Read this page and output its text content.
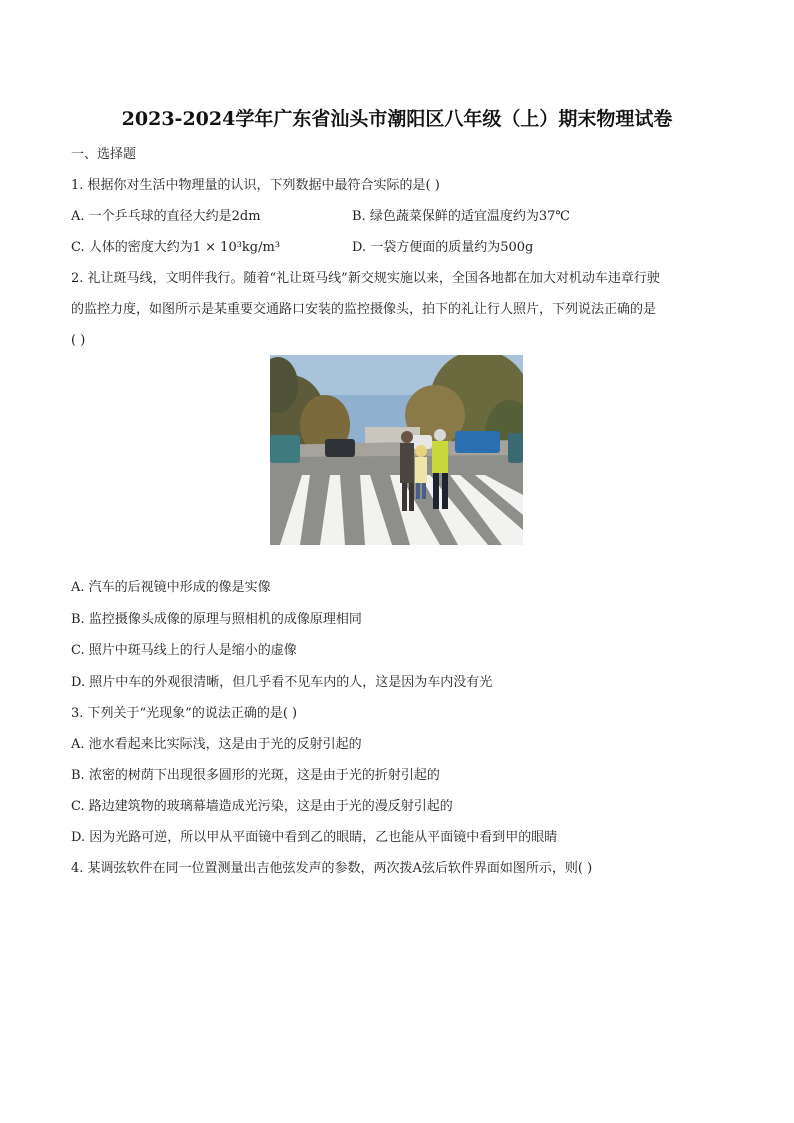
2023-2024学年广东省汕头市潮阳区八年级（上）期末物理试卷
一、选择题
1. 根据你对生活中物理量的认识，下列数据中最符合实际的是( )
A. 一个乒乓球的直径大约是2dm	B. 绿色蔬菜保鲜的适宜温度约为37℃
C. 人体的密度大约为1 × 10³kg/m³	D. 一袋方便面的质量约为500g
2. 礼让斑马线，文明伴我行。随着“礼让斑马线”新交规实施以来，全国各地都在加大对机动车违章行驶
的监控力度，如图所示是某重要交通路口安装的监控摄像头，拍下的礼让行人照片，下列说法正确的是
( )
A. 汽车的后视镜中形成的像是实像
B. 监控摄像头成像的原理与照相机的成像原理相同
C. 照片中斑马线上的行人是缩小的虚像
D. 照片中车的外观很清晰，但几乎看不见车内的人，这是因为车内没有光
3. 下列关于“光现象”的说法正确的是( )
A. 池水看起来比实际浅，这是由于光的反射引起的
B. 浓密的树荫下出现很多圆形的光斑，这是由于光的折射引起的
C. 路边建筑物的玻璃幕墙造成光污染，这是由于光的漫反射引起的
D. 因为光路可逆，所以甲从平面镜中看到乙的眼睛，乙也能从平面镜中看到甲的眼睛
4. 某调弦软件在同一位置测量出吉他弦发声的参数，两次拨A弦后软件界面如图所示，则( )
